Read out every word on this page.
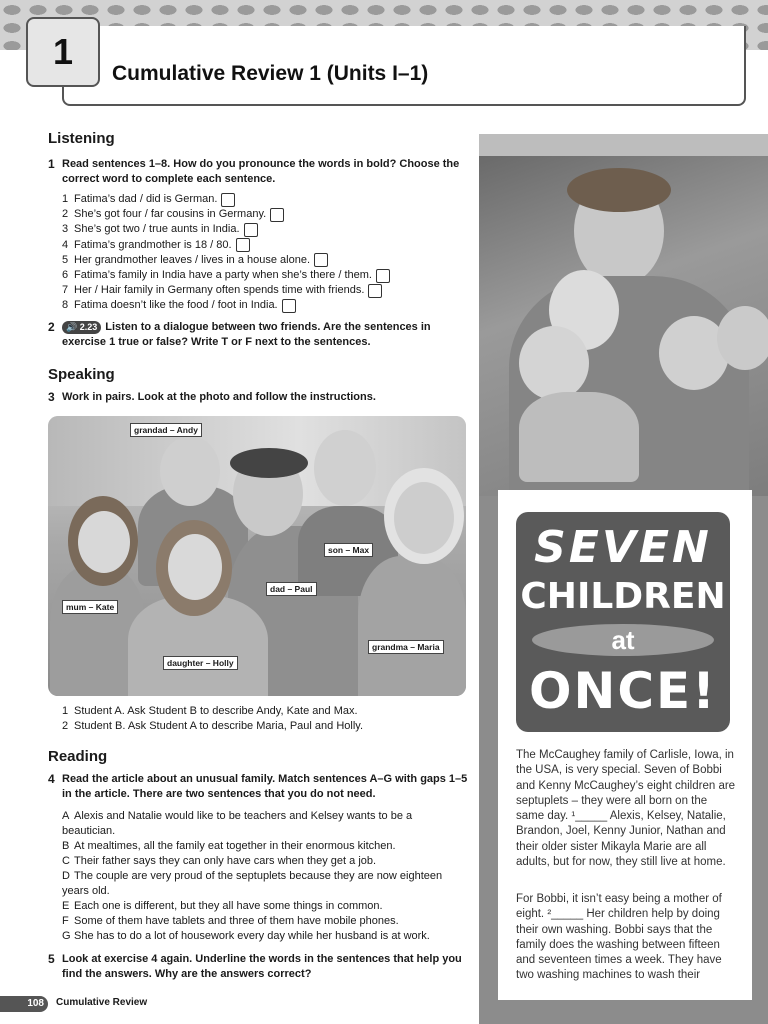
1
Cumulative Review 1 (Units I–1)
Listening
1 Read sentences 1–8. How do you pronounce the words in bold? Choose the correct word to complete each sentence.
1 Fatima’s dad / did is German.
2 She’s got four / far cousins in Germany.
3 She’s got two / true aunts in India.
4 Fatima’s grandmother is 18 / 80.
5 Her grandmother leaves / lives in a house alone.
6 Fatima’s family in India have a party when she’s there / them.
7 Her / Hair family in Germany often spends time with friends.
8 Fatima doesn’t like the food / foot in India.
2	🔊 2.23 Listen to a dialogue between two friends. Are the sentences in exercise 1 true or false? Write T or F next to the sentences.
Speaking
3 Work in pairs. Look at the photo and follow the instructions.
grandad – Andy
son – Max
dad – Paul
mum – Kate
grandma – Maria
daughter – Holly
1 Student A. Ask Student B to describe Andy, Kate and Max.
2 Student B. Ask Student A to describe Maria, Paul and Holly.
Reading
4 Read the article about an unusual family. Match sentences A–G with gaps 1–5 in the article. There are two sentences that you do not need.
A Alexis and Natalie would like to be teachers and Kelsey wants to be a beautician.
B At mealtimes, all the family eat together in their enormous kitchen.
C Their father says they can only have cars when they get a job.
D The couple are very proud of the septuplets because they are now eighteen years old.
E Each one is different, but they all have some things in common.
F Some of them have tablets and three of them have mobile phones.
G She has to do a lot of housework every day while her husband is at work.
5 Look at exercise 4 again. Underline the words in the sentences that help you find the answers. Why are the answers correct?
SEVEN
CHILDREN
at
ONCE!
The McCaughey family of Carlisle, Iowa, in the USA, is very special. Seven of Bobbi and Kenny McCaughey’s eight children are septuplets – they were all born on the same day. ¹_____ Alexis, Kelsey, Natalie, Brandon, Joel, Kenny Junior, Nathan and their older sister Mikayla Marie are all adults, but for now, they still live at home.
For Bobbi, it isn’t easy being a mother of eight. ²_____ Her children help by doing their own washing. Bobbi says that the family does the washing between fifteen and seventeen times a week. They have two washing machines to wash their
108	Cumulative Review
